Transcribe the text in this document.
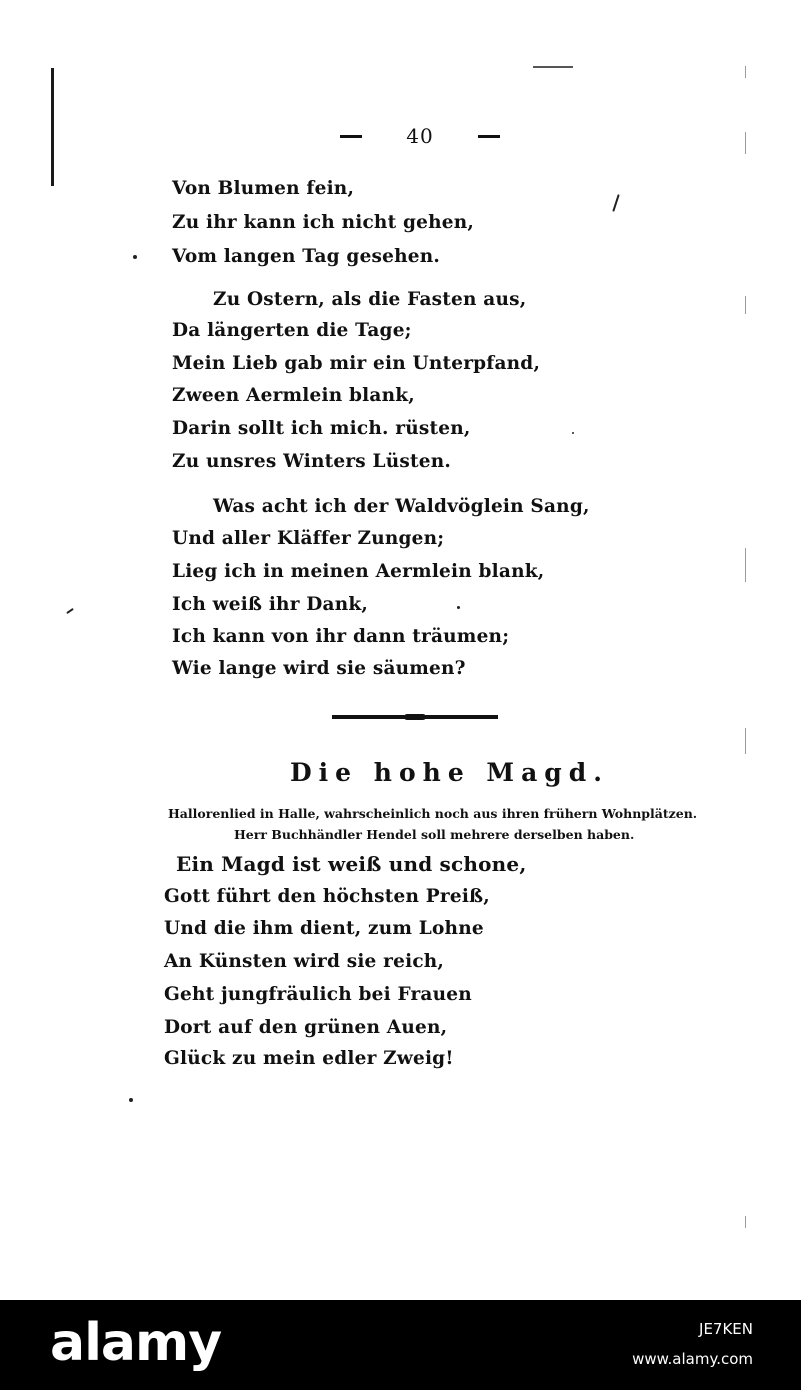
40
Von Blumen fein,
Zu ihr kann ich nicht gehen,
Vom langen Tag gesehen.
Zu Ostern, als die Fasten aus,
Da längerten die Tage;
Mein Lieb gab mir ein Unterpfand,
Zween Aermlein blank,
Darin sollt ich mich. rüsten,
Zu unsres Winters Lüsten.
Was acht ich der Waldvöglein Sang,
Und aller Kläffer Zungen;
Lieg ich in meinen Aermlein blank,
Ich weiß ihr Dank,
Ich kann von ihr dann träumen;
Wie lange wird sie säumen?
Die hohe Magd.
Hallorenlied in Halle, wahrscheinlich noch aus ihren frühern Wohnplätzen.
Herr Buchhändler Hendel soll mehrere derselben haben.
Ein Magd ist weiß und schone,
Gott führt den höchsten Preiß,
Und die ihm dient, zum Lohne
An Künsten wird sie reich,
Geht jungfräulich bei Frauen
Dort auf den grünen Auen,
Glück zu mein edler Zweig!
alamy	JE7KEN
www.alamy.com
